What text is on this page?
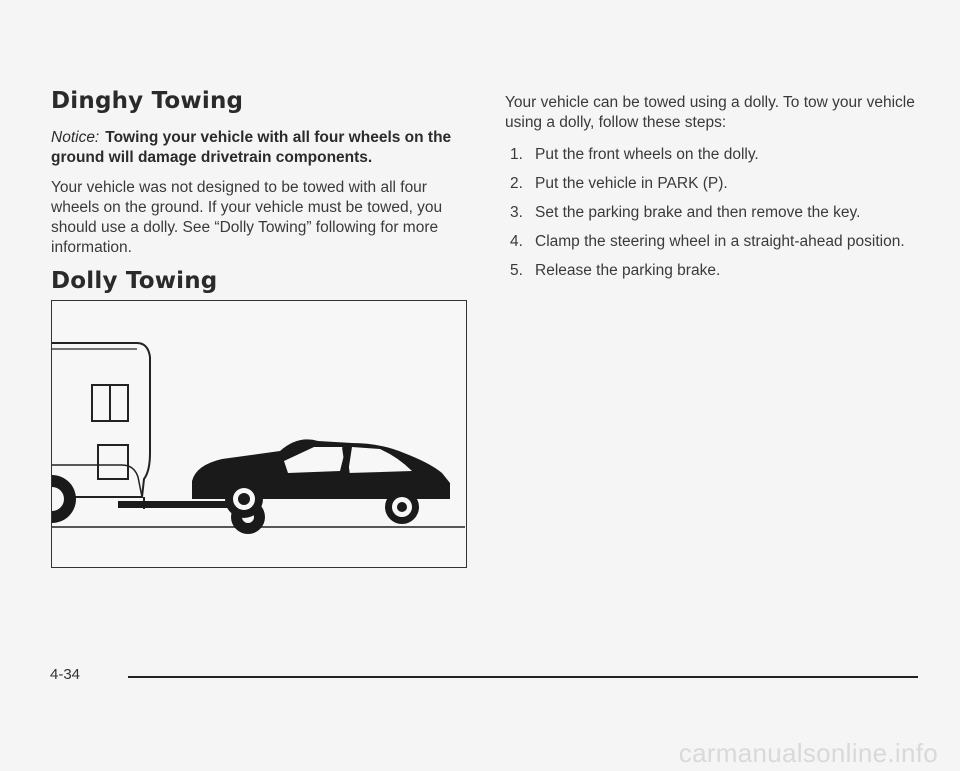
Dinghy Towing
Notice: Towing your vehicle with all four wheels on the ground will damage drivetrain components.

Your vehicle was not designed to be towed with all four wheels on the ground. If your vehicle must be towed, you should use a dolly. See “Dolly Towing” following for more information.

Dolly Towing

Your vehicle can be towed using a dolly. To tow your vehicle using a dolly, follow these steps:

1. Put the front wheels on the dolly.
2. Put the vehicle in PARK (P).
3. Set the parking brake and then remove the key.
4. Clamp the steering wheel in a straight-ahead position.
5. Release the parking brake.
4-34
carmanualsonline.info
